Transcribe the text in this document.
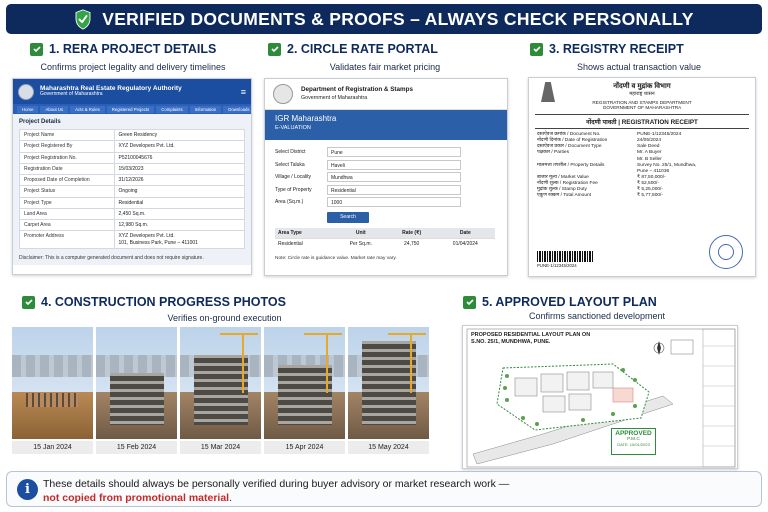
VERIFIED DOCUMENTS & PROOFS – ALWAYS CHECK PERSONALLY
1. RERA PROJECT DETAILS
Confirms project legality and delivery timelines
Maharashtra Real Estate Regulatory Authority
Government of Maharashtra	≡
Home	About Us	Acts & Rules	Registered Projects	Complaints	Information	Downloads
Project Details
Project Name	Green Residency
Project Registered By	XYZ Developers Pvt. Ltd.
Project Registration No.	P52100045676
Registration Date	15/03/2023
Proposed Date of Completion	31/12/2026
Project Status	Ongoing
Project Type	Residential
Land Area	2,450 Sq.m.
Carpet Area	12,980 Sq.m.
Promoter Address	XYZ Developers Pvt. Ltd.
101, Business Park, Pune – 411001
Disclaimer: This is a computer generated document and does not require signature.
2. CIRCLE RATE PORTAL
Validates fair market pricing
Department of Registration & Stamps
Government of Maharashtra
IGR Maharashtra
E-VALUATION
Select District	Pune
Select Taluka	Haveli
Village / Locality	Mundhwa
Type of Property	Residential
Area (Sq.m.)	1000
Search
Area Type	Unit	Rate (₹)	Date
Residential	Per Sq.m.	24,750	01/04/2024
Note: Circle rate is guidance value. Market rate may vary.
3. REGISTRY RECEIPT
Shows actual transaction value
नोंदणी व मुद्रांक विभाग
महाराष्ट्र शासन
REGISTRATION AND STAMPS DEPARTMENT
GOVERNMENT OF MAHARASHTRA
नोंदणी पावती | REGISTRATION RECEIPT
दस्तऐवज क्रमांक / Document No.	PUNE-1/12345/2024
नोंदणी दिनांक / Date of Registration	24/05/2024
दस्तऐवज प्रकार / Document Type	Sale Deed
पक्षकार / Parties	Mr. A Buyer
Mr. B Seller
मालमत्ता तपशील / Property Details	Survey No. 25/1, Mundhwa,
Pune – 411036
बाजार मूल्य / Market Value	₹ 87,50,000/-
नोंदणी शुल्क / Registration Fee	₹ 52,500/-
मुद्रांक शुल्क / Stamp Duty	₹ 5,25,000/-
एकूण रक्कम / Total Amount	₹ 5,77,500/-
PUNE-1/12345/2024
4. CONSTRUCTION PROGRESS PHOTOS
Verifies on-ground execution
15 Jan 2024	15 Feb 2024	15 Mar 2024	15 Apr 2024	15 May 2024
5. APPROVED LAYOUT PLAN
Confirms sanctioned development
PROPOSED RESIDENTIAL LAYOUT PLAN ON
S.NO. 25/1, MUNDHWA, PUNE.
APPROVED
P.M.C
DATE: 10/01/2023
i	These details should always be personally verified during buyer advisory or market research work —
not copied from promotional material.
